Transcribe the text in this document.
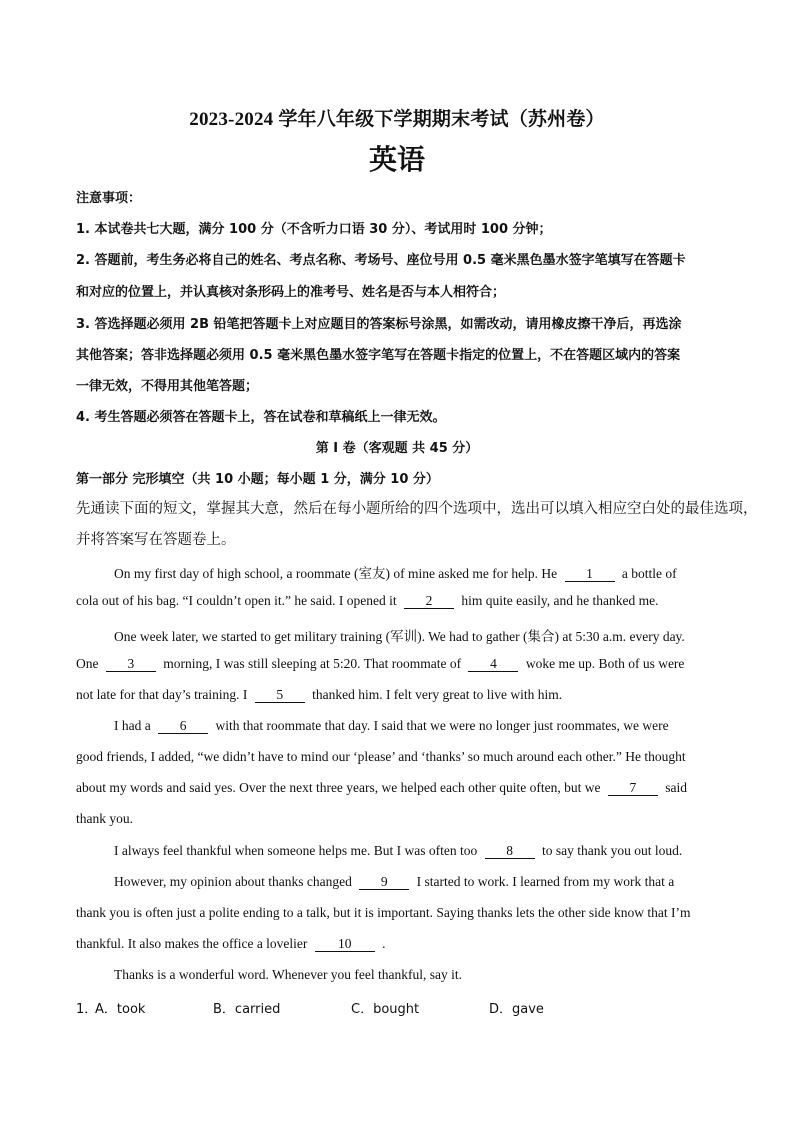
2023-2024 学年八年级下学期期末考试（苏州卷）
英语
注意事项：
1. 本试卷共七大题，满分 100 分（不含听力口语 30 分）、考试用时 100 分钟；
2. 答题前，考生务必将自己的姓名、考点名称、考场号、座位号用 0.5 毫米黑色墨水签字笔填写在答题卡
和对应的位置上，并认真核对条形码上的准考号、姓名是否与本人相符合；
3. 答选择题必须用 2B 铅笔把答题卡上对应题目的答案标号涂黑，如需改动，请用橡皮擦干净后，再选涂
其他答案；答非选择题必须用 0.5 毫米黑色墨水签字笔写在答题卡指定的位置上，不在答题区域内的答案
一律无效，不得用其他笔答题；
4. 考生答题必须答在答题卡上，答在试卷和草稿纸上一律无效。
第 I 卷（客观题 共 45 分）
第一部分 完形填空（共 10 小题；每小题 1 分，满分 10 分）
先通读下面的短文，掌握其大意，然后在每小题所给的四个选项中，选出可以填入相应空白处的最佳选项，
并将答案写在答题卷上。
On my first day of high school, a roommate (室友) of mine asked me for help. He 1 a bottle of
cola out of his bag. “I couldn’t open it.” he said. I opened it 2 him quite easily, and he thanked me.
One week later, we started to get military training (军训). We had to gather (集合) at 5:30 a.m. every day.
One 3 morning, I was still sleeping at 5:20. That roommate of 4 woke me up. Both of us were
not late for that day’s training. I 5 thanked him. I felt very great to live with him.
I had a 6 with that roommate that day. I said that we were no longer just roommates, we were
good friends, I added, “we didn’t have to mind our ‘please’ and ‘thanks’ so much around each other.” He thought
about my words and said yes. Over the next three years, we helped each other quite often, but we 7 said
thank you.
I always feel thankful when someone helps me. But I was often too 8 to say thank you out loud.
However, my opinion about thanks changed 9 I started to work. I learned from my work that a
thank you is often just a polite ending to a talk, but it is important. Saying thanks lets the other side know that I’m
thankful. It also makes the office a lovelier 10 .
Thanks is a wonderful word. Whenever you feel thankful, say it.
1．
A．took	B．carried	C．bought	D．gave
